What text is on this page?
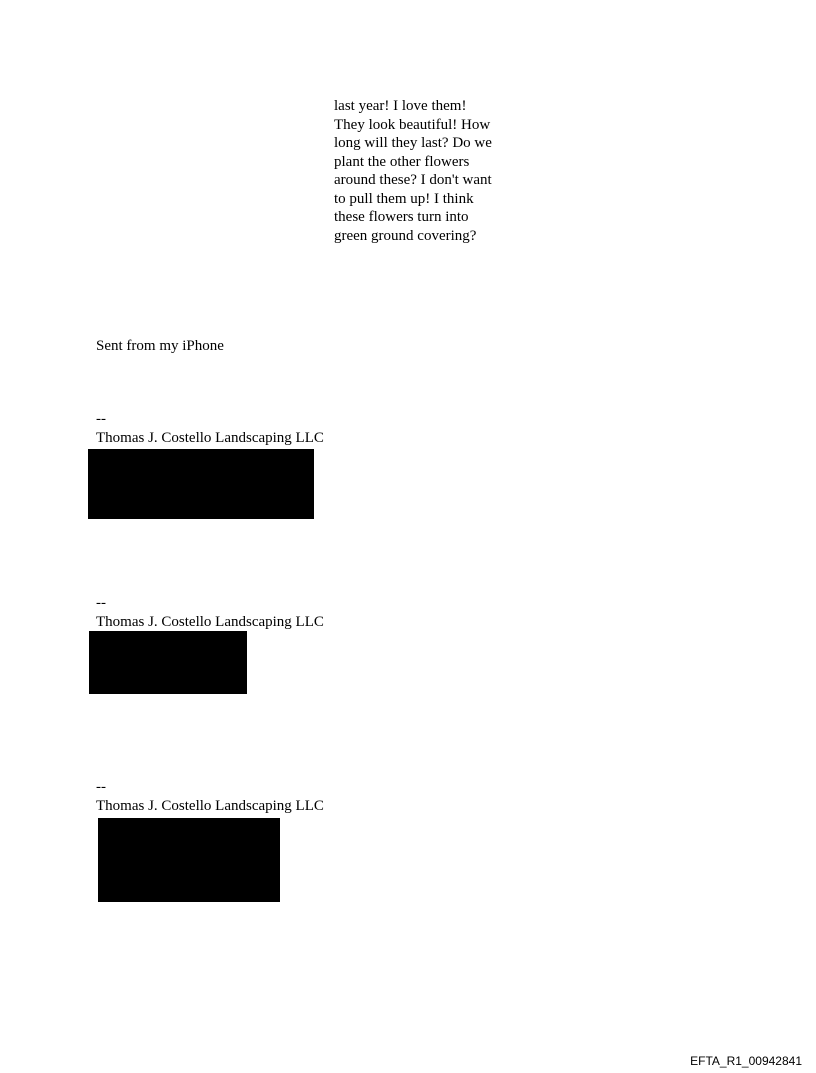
last year! I love them!
They look beautiful! How
long will they last? Do we
plant the other flowers
around these? I don't want
to pull them up! I think
these flowers turn into
green ground covering?
Sent from my iPhone
--
Thomas J. Costello Landscaping LLC
--
Thomas J. Costello Landscaping LLC
--
Thomas J. Costello Landscaping LLC
EFTA_R1_00942841
